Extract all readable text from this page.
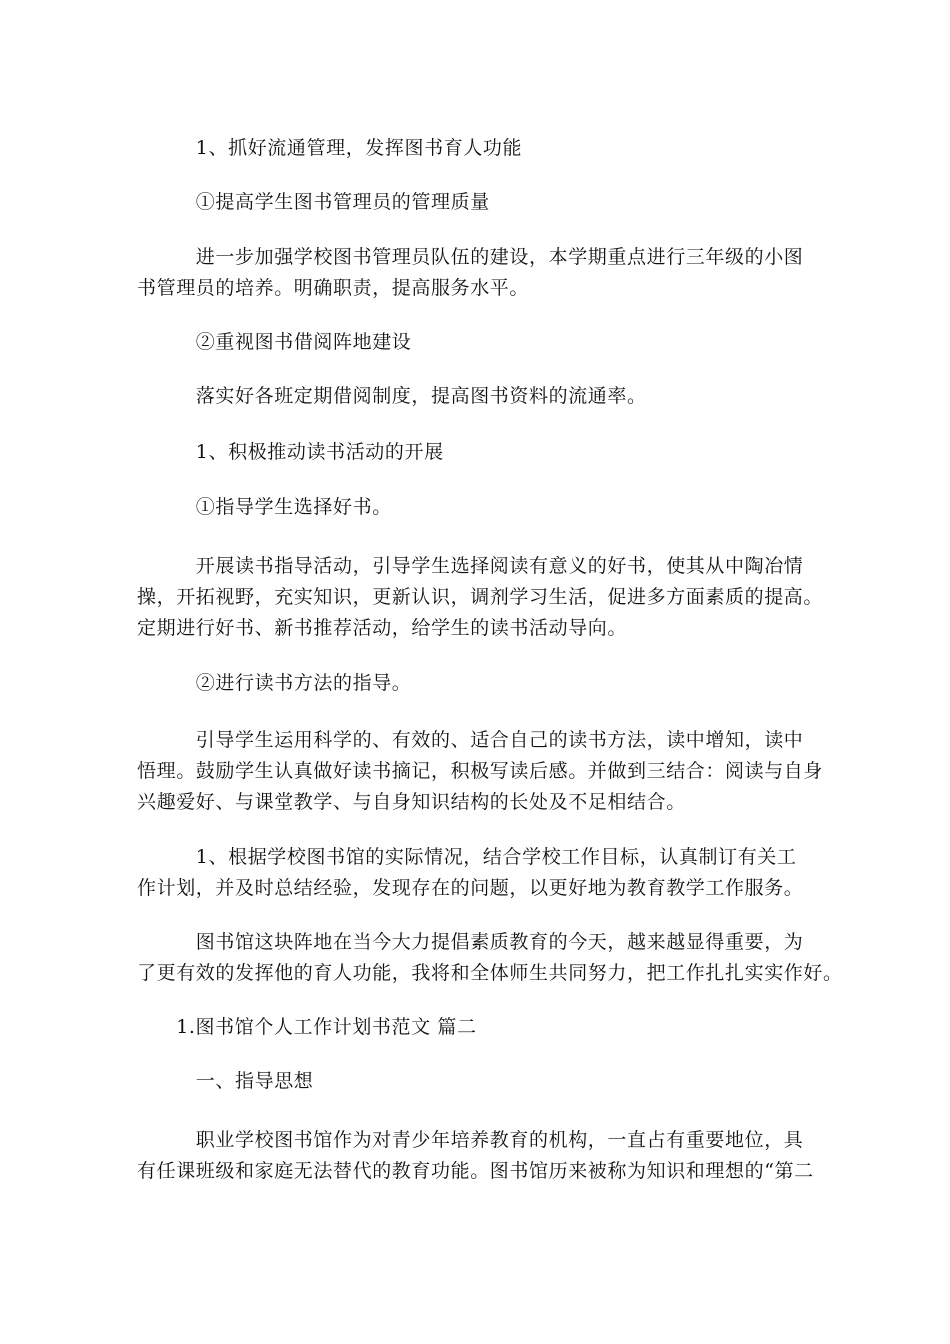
　　　1、抓好流通管理，发挥图书育人功能
　　　①提高学生图书管理员的管理质量
　　　进一步加强学校图书管理员队伍的建设，本学期重点进行三年级的小图
书管理员的培养。明确职责，提高服务水平。
　　　②重视图书借阅阵地建设
　　　落实好各班定期借阅制度，提高图书资料的流通率。
　　　1、积极推动读书活动的开展
　　　①指导学生选择好书。
　　　开展读书指导活动，引导学生选择阅读有意义的好书，使其从中陶冶情
操，开拓视野，充实知识，更新认识，调剂学习生活，促进多方面素质的提高。
定期进行好书、新书推荐活动，给学生的读书活动导向。
　　　②进行读书方法的指导。
　　　引导学生运用科学的、有效的、适合自己的读书方法，读中增知，读中
悟理。鼓励学生认真做好读书摘记，积极写读后感。并做到三结合：阅读与自身
兴趣爱好、与课堂教学、与自身知识结构的长处及不足相结合。
　　　1、根据学校图书馆的实际情况，结合学校工作目标，认真制订有关工
作计划，并及时总结经验，发现存在的问题，以更好地为教育教学工作服务。
　　　图书馆这块阵地在当今大力提倡素质教育的今天，越来越显得重要，为
了更有效的发挥他的育人功能，我将和全体师生共同努力，把工作扎扎实实作好。
　　1.图书馆个人工作计划书范文 篇二
　　　一、指导思想
　　　职业学校图书馆作为对青少年培养教育的机构，一直占有重要地位，具
有任课班级和家庭无法替代的教育功能。图书馆历来被称为知识和理想的“第二
